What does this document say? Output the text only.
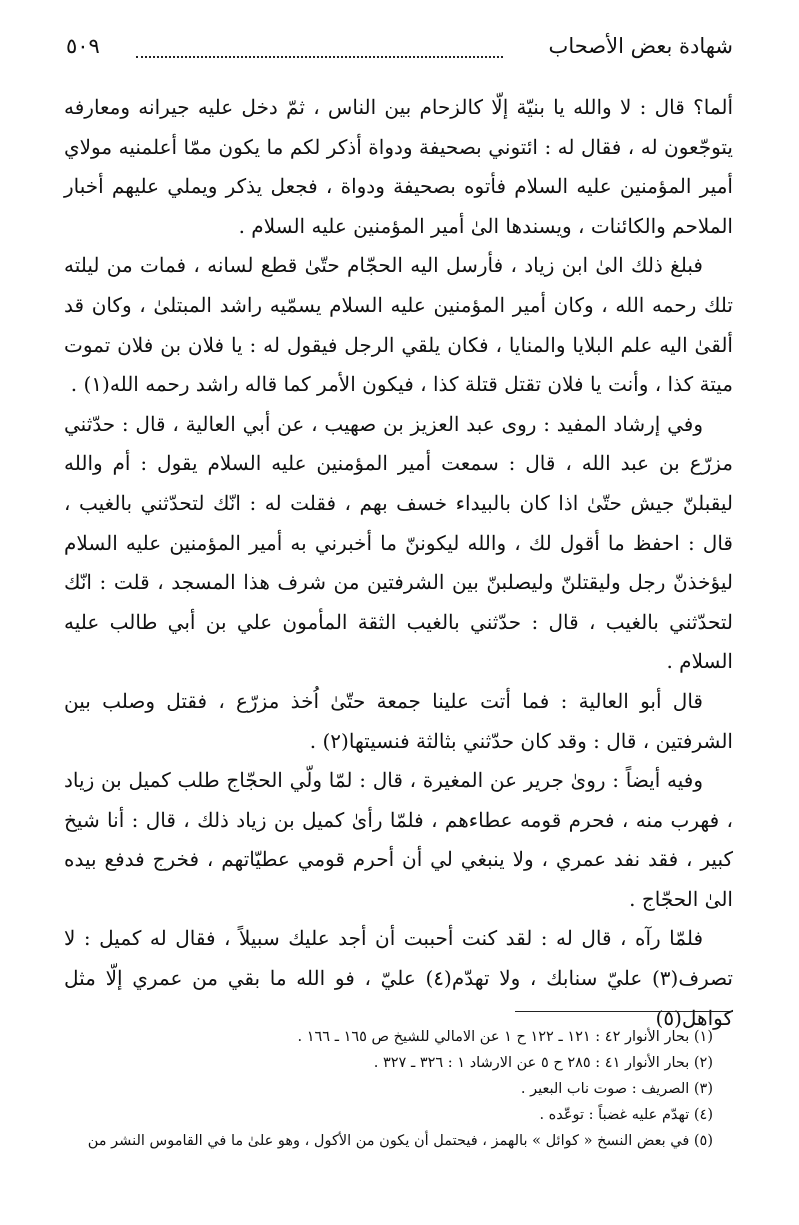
شهادة بعض الأصحاب
٥٠٩

ألما؟ قال : لا والله يا بنيّة إلّا كالزحام بين الناس ، ثمّ دخل عليه جيرانه ومعارفه يتوجّعون له ، فقال له : ائتوني بصحيفة ودواة أذكر لكم ما يكون ممّا أعلمنيه مولاي أمير المؤمنين عليه السلام فأتوه بصحيفة ودواة ، فجعل يذكر ويملي عليهم أخبار الملاحم والكائنات ، ويسندها الىٰ أمير المؤمنين عليه السلام .

فبلغ ذلك الىٰ ابن زياد ، فأرسل اليه الحجّام حتّىٰ قطع لسانه ، فمات من ليلته تلك رحمه الله ، وكان أمير المؤمنين عليه السلام يسمّيه راشد المبتلىٰ ، وكان قد ألقىٰ اليه علم البلايا والمنايا ، فكان يلقي الرجل فيقول له : يا فلان بن فلان تموت ميتة كذا ، وأنت يا فلان تقتل قتلة كذا ، فيكون الأمر كما قاله راشد رحمه الله(١) .

وفي إرشاد المفيد : روى عبد العزيز بن صهيب ، عن أبي العالية ، قال : حدّثني مزرّع بن عبد الله ، قال : سمعت أمير المؤمنين عليه السلام يقول : أم والله ليقبلنّ جيش حتّىٰ اذا كان بالبيداء خسف بهم ، فقلت له : انّك لتحدّثني بالغيب ، قال : احفظ ما أقول لك ، والله ليكوننّ ما أخبرني به أمير المؤمنين عليه السلام ليؤخذنّ رجل وليقتلنّ وليصلبنّ بين الشرفتين من شرف هذا المسجد ، قلت : انّك لتحدّثني بالغيب ، قال : حدّثني بالغيب الثقة المأمون علي بن أبي طالب عليه السلام .

قال أبو العالية : فما أتت علينا جمعة حتّىٰ اُخذ مزرّع ، فقتل وصلب بين الشرفتين ، قال : وقد كان حدّثني بثالثة فنسيتها(٢) .

وفيه أيضاً : روىٰ جرير عن المغيرة ، قال : لمّا ولّي الحجّاج طلب كميل بن زياد ، فهرب منه ، فحرم قومه عطاءهم ، فلمّا رأىٰ كميل بن زياد ذلك ، قال : أنا شيخ كبير ، فقد نفد عمري ، ولا ينبغي لي أن أحرم قومي عطيّاتهم ، فخرج فدفع بيده الىٰ الحجّاج .

فلمّا رآه ، قال له : لقد كنت أحببت أن أجد عليك سبيلاً ، فقال له كميل : لا تصرف(٣) عليّ سنابك ، ولا تهدّم(٤) عليّ ، فو الله ما بقي من عمري إلّا مثل كواهل(٥)

(١) بحار الأنوار ٤٢ : ١٢١ ـ ١٢٢ ح ١ عن الامالي للشيخ ص ١٦٥ ـ ١٦٦ .

(٢) بحار الأنوار ٤١ : ٢٨٥ ح ٥ عن الارشاد ١ : ٣٢٦ ـ ٣٢٧ .

(٣) الصريف : صوت ناب البعير .

(٤) تهدّم عليه غضباً : توعّده .

(٥) في بعض النسخ « كوائل » بالهمز ، فيحتمل أن يكون من الأكول ، وهو علىٰ ما في القاموس النشر من
